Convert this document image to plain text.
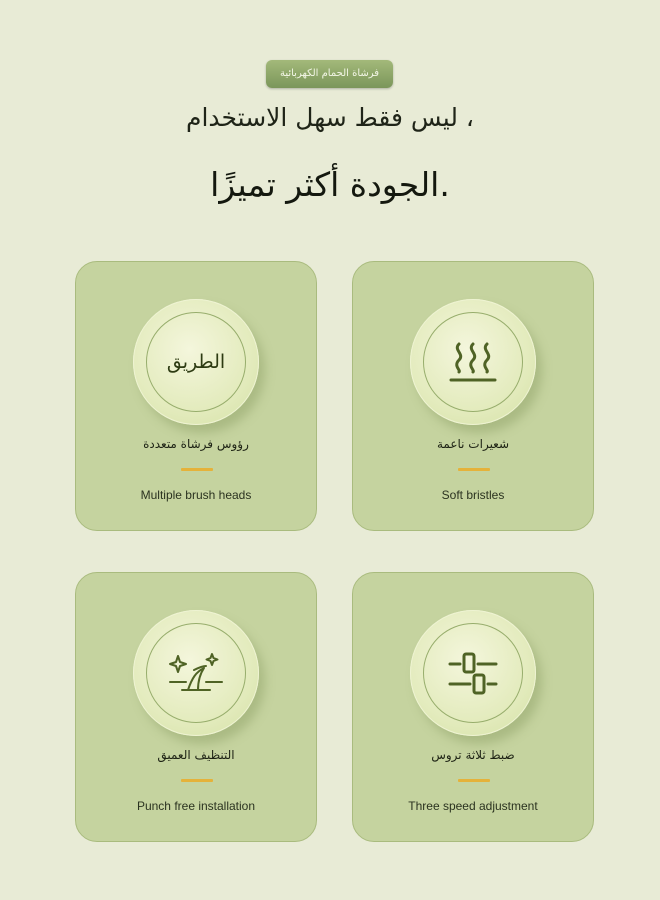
فرشاة الحمام الكهربائية
، ليس فقط سهل الاستخدام
.الجودة أكثر تميزًا
الطريق
رؤوس فرشاة متعددة
Multiple brush heads
شعيرات ناعمة
Soft bristles
التنظيف العميق
Punch free installation
ضبط ثلاثة تروس
Three speed adjustment
